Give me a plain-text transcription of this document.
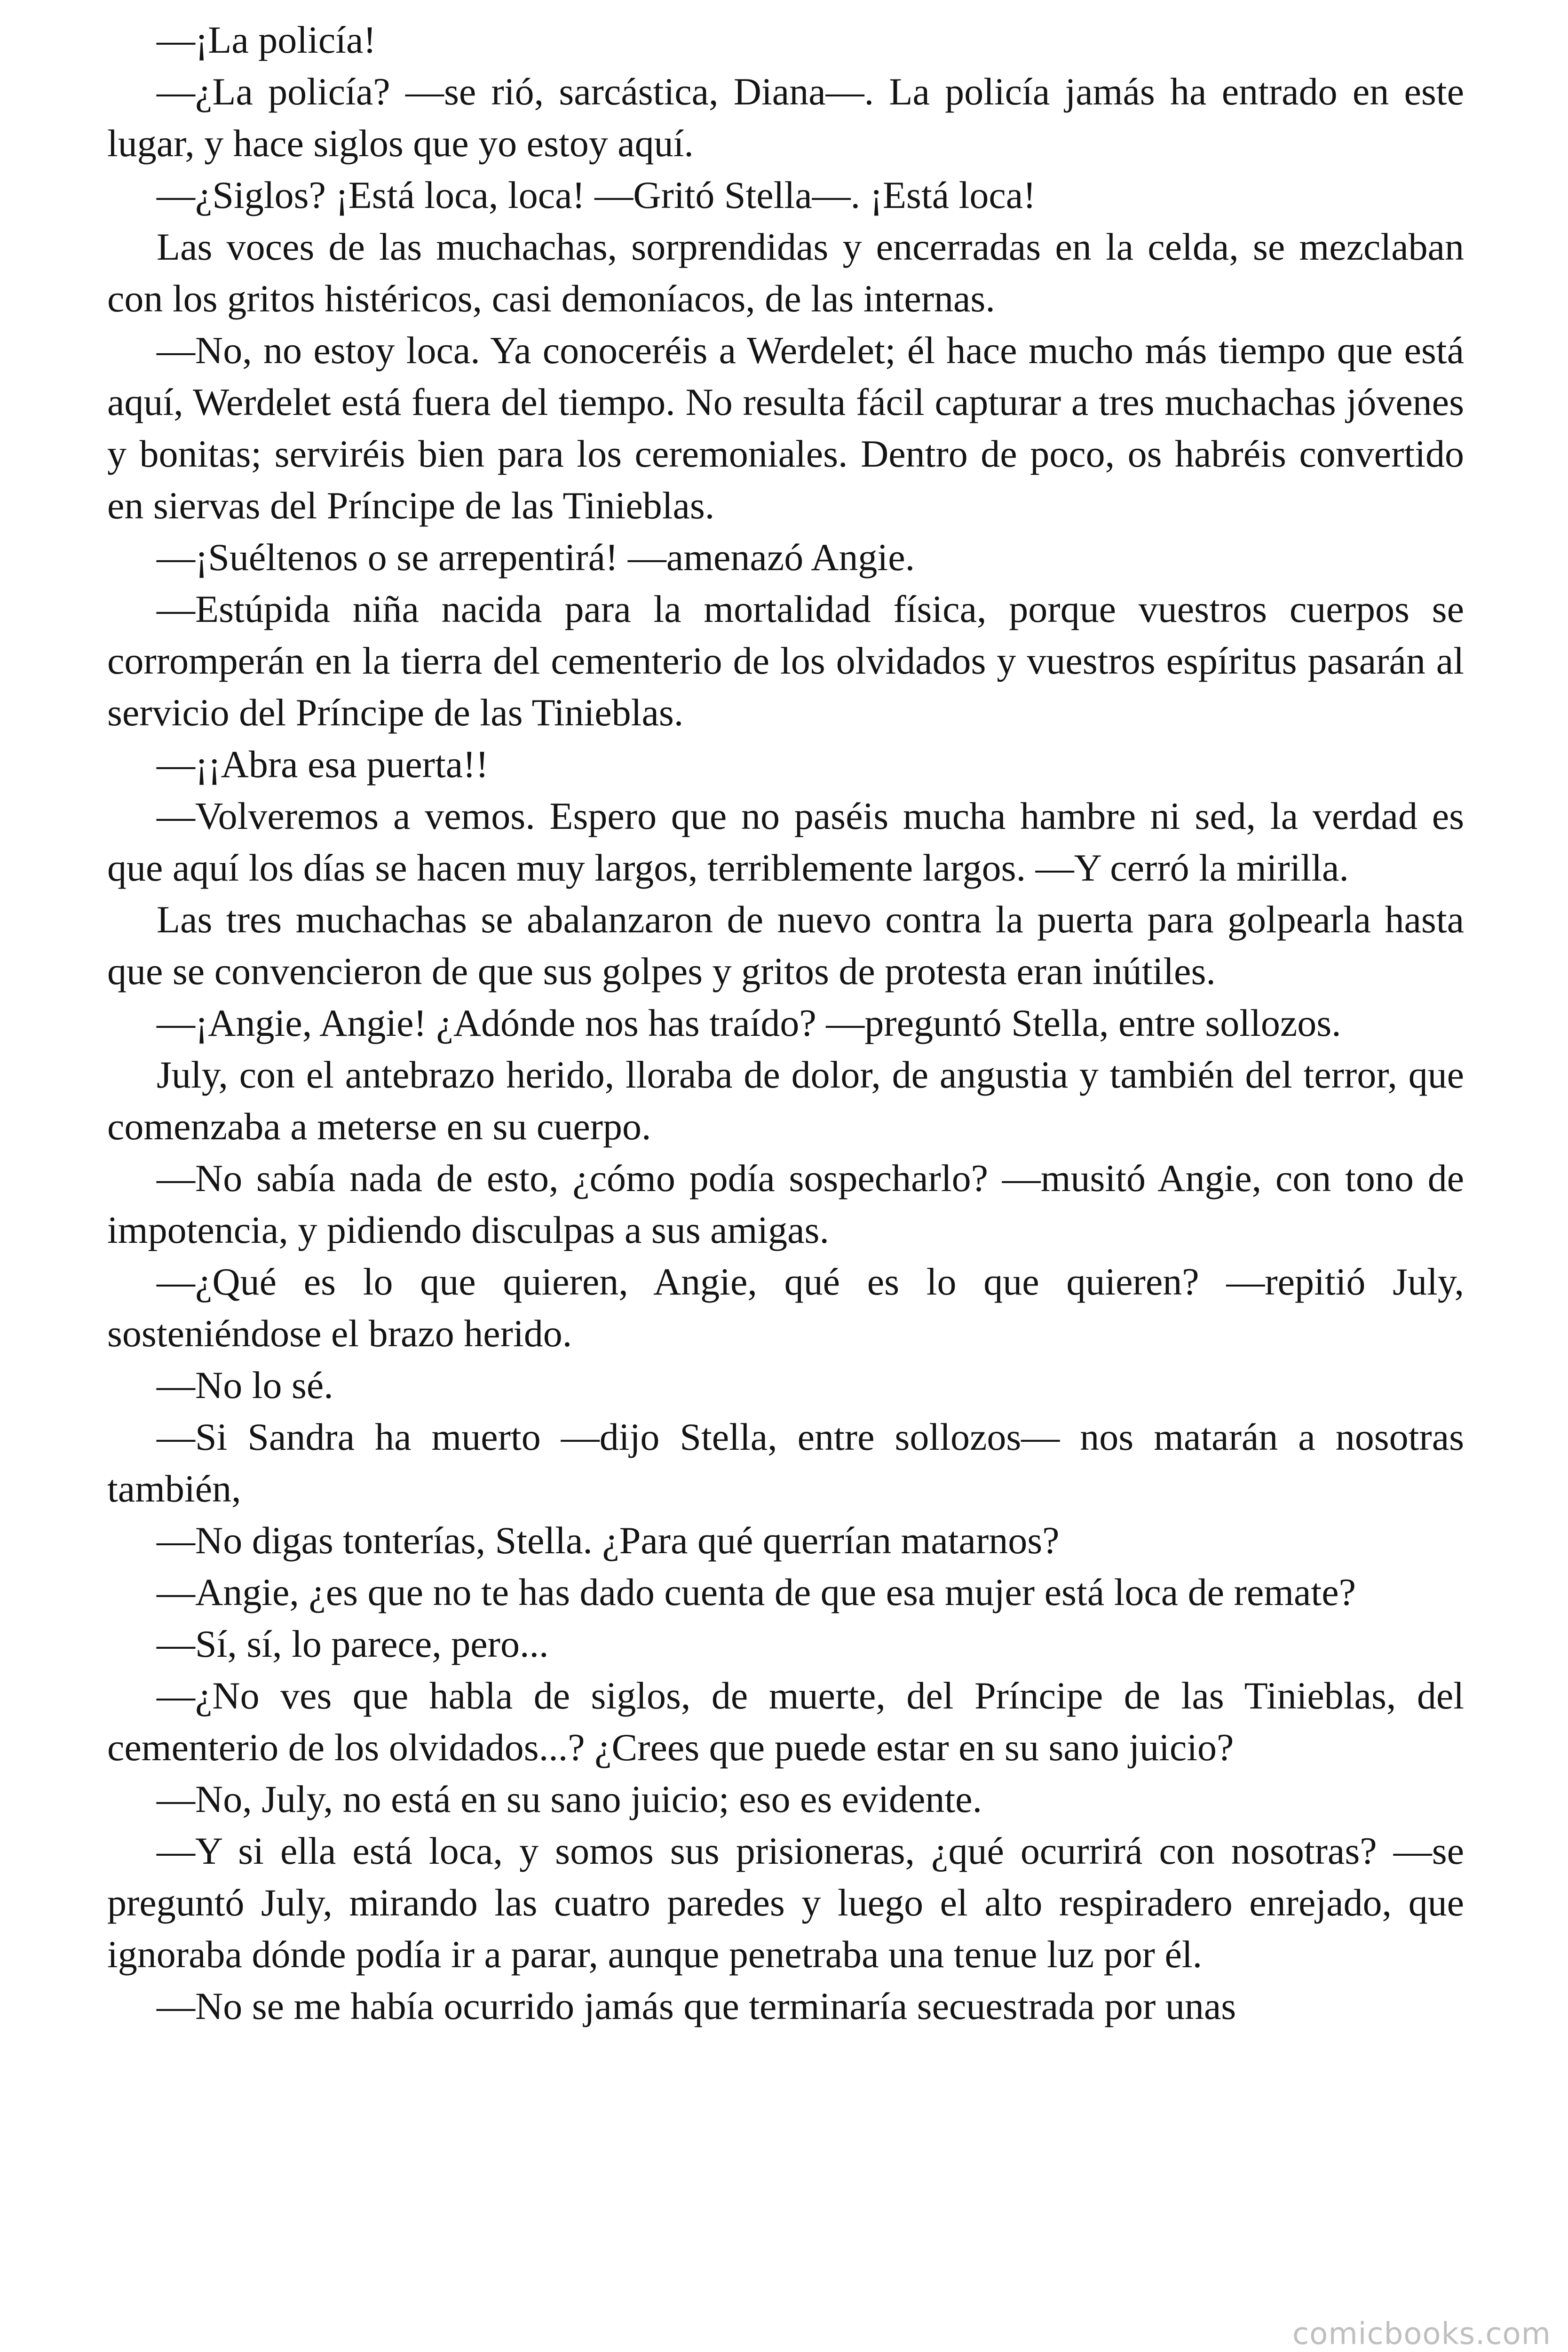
—¡La policía!

—¿La policía? —se rió, sarcástica, Diana—. La policía jamás ha entrado en este lugar, y hace siglos que yo estoy aquí.

—¿Siglos? ¡Está loca, loca! —Gritó Stella—. ¡Está loca!

Las voces de las muchachas, sorprendidas y encerradas en la celda, se mezclaban con los gritos histéricos, casi demoníacos, de las internas.

—No, no estoy loca. Ya conoceréis a Werdelet; él hace mucho más tiempo que está aquí, Werdelet está fuera del tiempo. No resulta fácil capturar a tres muchachas jóvenes y bonitas; serviréis bien para los ceremoniales. Dentro de poco, os habréis convertido en siervas del Príncipe de las Tinieblas.

—¡Suéltenos o se arrepentirá! —amenazó Angie.

—Estúpida niña nacida para la mortalidad física, porque vuestros cuerpos se corromperán en la tierra del cementerio de los olvidados y vuestros espíritus pasarán al servicio del Príncipe de las Tinieblas.

—¡¡Abra esa puerta!!

—Volveremos a vemos. Espero que no paséis mucha hambre ni sed, la verdad es que aquí los días se hacen muy largos, terriblemente largos. —Y cerró la mirilla.

Las tres muchachas se abalanzaron de nuevo contra la puerta para golpearla hasta que se convencieron de que sus golpes y gritos de protesta eran inútiles.

—¡Angie, Angie! ¿Adónde nos has traído? —preguntó Stella, entre sollozos.

July, con el antebrazo herido, lloraba de dolor, de angustia y también del terror, que comenzaba a meterse en su cuerpo.

—No sabía nada de esto, ¿cómo podía sospecharlo? —musitó Angie, con tono de impotencia, y pidiendo disculpas a sus amigas.

—¿Qué es lo que quieren, Angie, qué es lo que quieren? —repitió July, sosteniéndose el brazo herido.

—No lo sé.

—Si Sandra ha muerto —dijo Stella, entre sollozos— nos matarán a nosotras también,

—No digas tonterías, Stella. ¿Para qué querrían matarnos?

—Angie, ¿es que no te has dado cuenta de que esa mujer está loca de remate?

—Sí, sí, lo parece, pero...

—¿No ves que habla de siglos, de muerte, del Príncipe de las Tinieblas, del cementerio de los olvidados...? ¿Crees que puede estar en su sano juicio?

—No, July, no está en su sano juicio; eso es evidente.

—Y si ella está loca, y somos sus prisioneras, ¿qué ocurrirá con nosotras? —se preguntó July, mirando las cuatro paredes y luego el alto respiradero enrejado, que ignoraba dónde podía ir a parar, aunque penetraba una tenue luz por él.

—No se me había ocurrido jamás que terminaría secuestrada por unas

comicbooks.com
